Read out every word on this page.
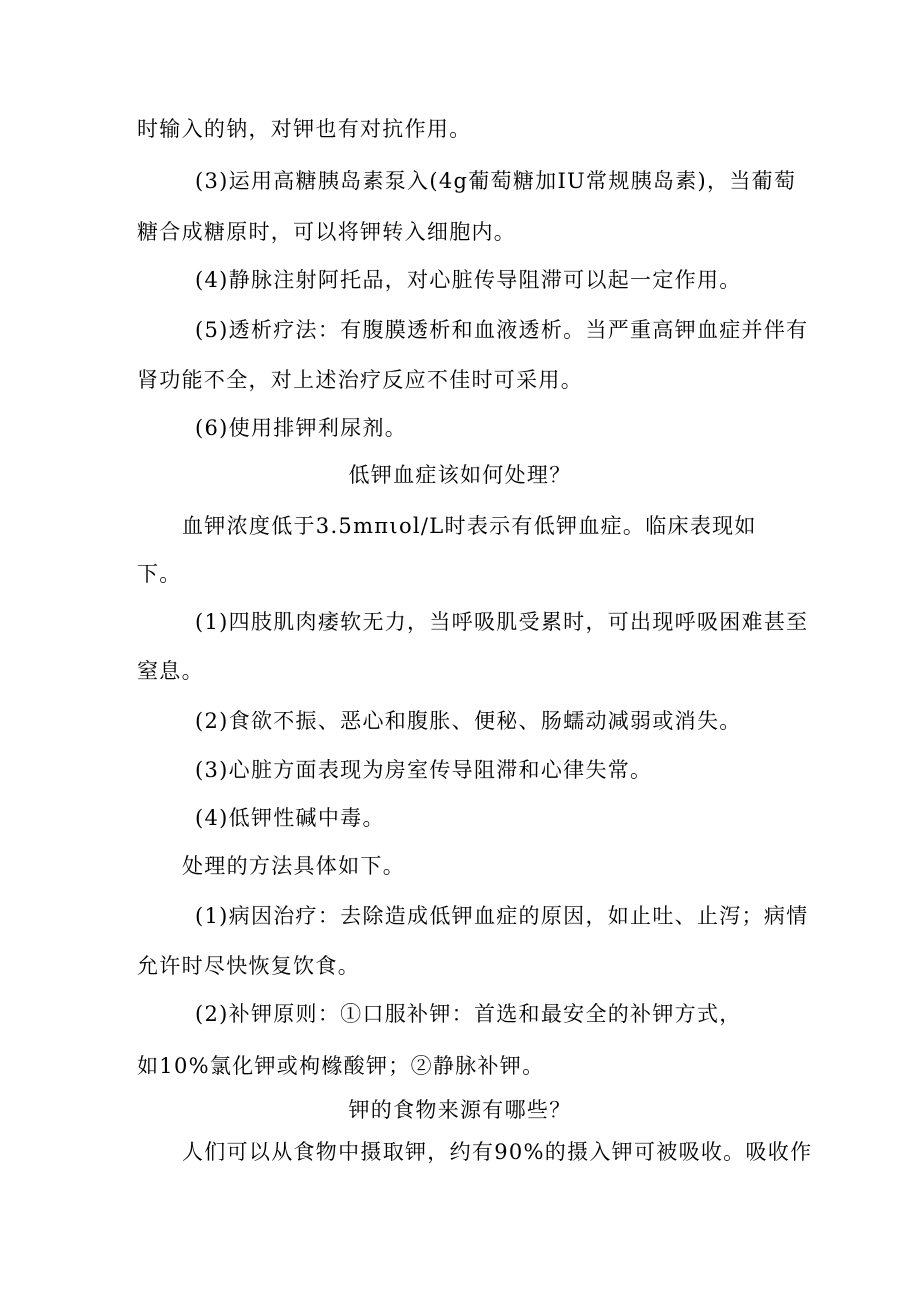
时输入的钠，对钾也有对抗作用。
(3)运用高糖胰岛素泵入(4g葡萄糖加IU常规胰岛素)，当葡萄
糖合成糖原时，可以将钾转入细胞内。
(4)静脉注射阿托品，对心脏传导阻滞可以起一定作用。
(5)透析疗法：有腹膜透析和血液透析。当严重高钾血症并伴有
肾功能不全，对上述治疗反应不佳时可采用。
(6)使用排钾利尿剂。
低钾血症该如何处理？
血钾浓度低于3.5mπιol/L时表示有低钾血症。临床表现如
下。
(1)四肢肌肉痿软无力，当呼吸肌受累时，可出现呼吸困难甚至
窒息。
(2)食欲不振、恶心和腹胀、便秘、肠蠕动减弱或消失。
(3)心脏方面表现为房室传导阻滞和心律失常。
(4)低钾性碱中毒。
处理的方法具体如下。
(1)病因治疗：去除造成低钾血症的原因，如止吐、止泻；病情
允许时尽快恢复饮食。
(2)补钾原则：①口服补钾：首选和最安全的补钾方式，
如10%氯化钾或枸橼酸钾；②静脉补钾。
钾的食物来源有哪些？
人们可以从食物中摄取钾，约有90%的摄入钾可被吸收。吸收作
